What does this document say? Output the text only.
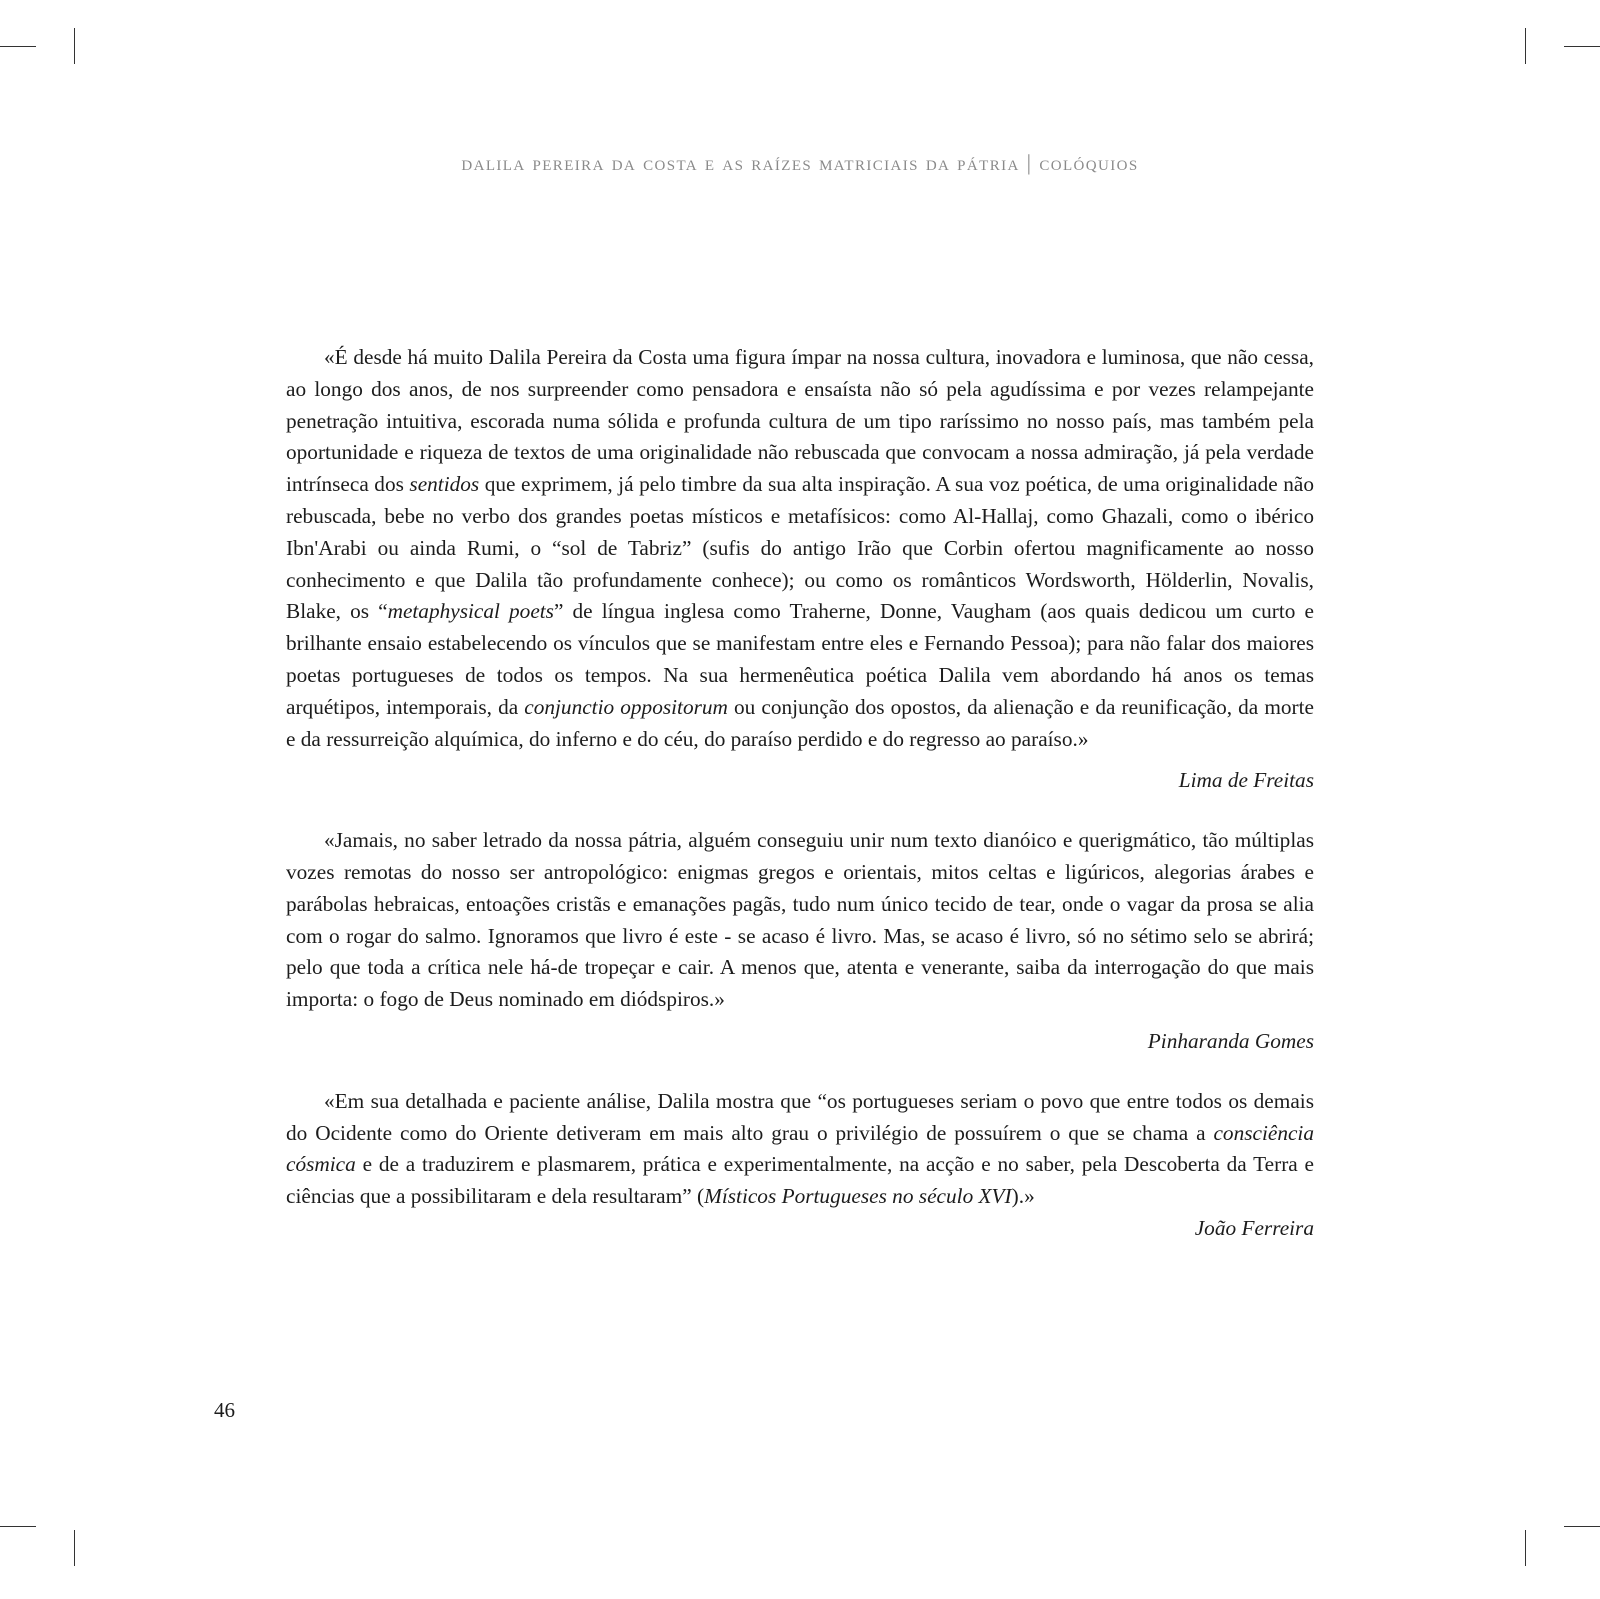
dalila pereira da costa e as raízes matriciais da pátria | colóquios

«É desde há muito Dalila Pereira da Costa uma figura ímpar na nossa cultura, inovadora e luminosa, que não cessa, ao longo dos anos, de nos surpreender como pensadora e ensaísta não só pela agudíssima e por vezes relampejante penetração intuitiva, escorada numa sólida e profunda cultura de um tipo raríssimo no nosso país, mas também pela oportunidade e riqueza de textos de uma originalidade não rebuscada que convocam a nossa admiração, já pela verdade intrínseca dos sentidos que exprimem, já pelo timbre da sua alta inspiração. A sua voz poética, de uma originalidade não rebuscada, bebe no verbo dos grandes poetas místicos e metafísicos: como Al-Hallaj, como Ghazali, como o ibérico Ibn'Arabi ou ainda Rumi, o “sol de Tabriz” (sufis do antigo Irão que Corbin ofertou magnificamente ao nosso conhecimento e que Dalila tão profundamente conhece); ou como os românticos Wordsworth, Hölderlin, Novalis, Blake, os “metaphysical poets” de língua inglesa como Traherne, Donne, Vaugham (aos quais dedicou um curto e brilhante ensaio estabelecendo os vínculos que se manifestam entre eles e Fernando Pessoa); para não falar dos maiores poetas portugueses de todos os tempos. Na sua hermenêutica poética Dalila vem abordando há anos os temas arquétipos, intemporais, da conjunctio oppositorum ou conjunção dos opostos, da alienação e da reunificação, da morte e da ressurreição alquímica, do inferno e do céu, do paraíso perdido e do regresso ao paraíso.»

Lima de Freitas

«Jamais, no saber letrado da nossa pátria, alguém conseguiu unir num texto dianóico e querigmático, tão múltiplas vozes remotas do nosso ser antropológico: enigmas gregos e orientais, mitos celtas e ligúricos, alegorias árabes e parábolas hebraicas, entoações cristãs e emanações pagãs, tudo num único tecido de tear, onde o vagar da prosa se alia com o rogar do salmo. Ignoramos que livro é este - se acaso é livro. Mas, se acaso é livro, só no sétimo selo se abrirá; pelo que toda a crítica nele há-de tropeçar e cair. A menos que, atenta e venerante, saiba da interrogação do que mais importa: o fogo de Deus nominado em diódspiros.»

Pinharanda Gomes

«Em sua detalhada e paciente análise, Dalila mostra que “os portugueses seriam o povo que entre todos os demais do Ocidente como do Oriente detiveram em mais alto grau o privilégio de possuírem o que se chama a consciência cósmica e de a traduzirem e plasmarem, prática e experimentalmente, na acção e no saber, pela Descoberta da Terra e ciências que a possibilitaram e dela resultaram” (Místicos Portugueses no século XVI).»

João Ferreira
46
